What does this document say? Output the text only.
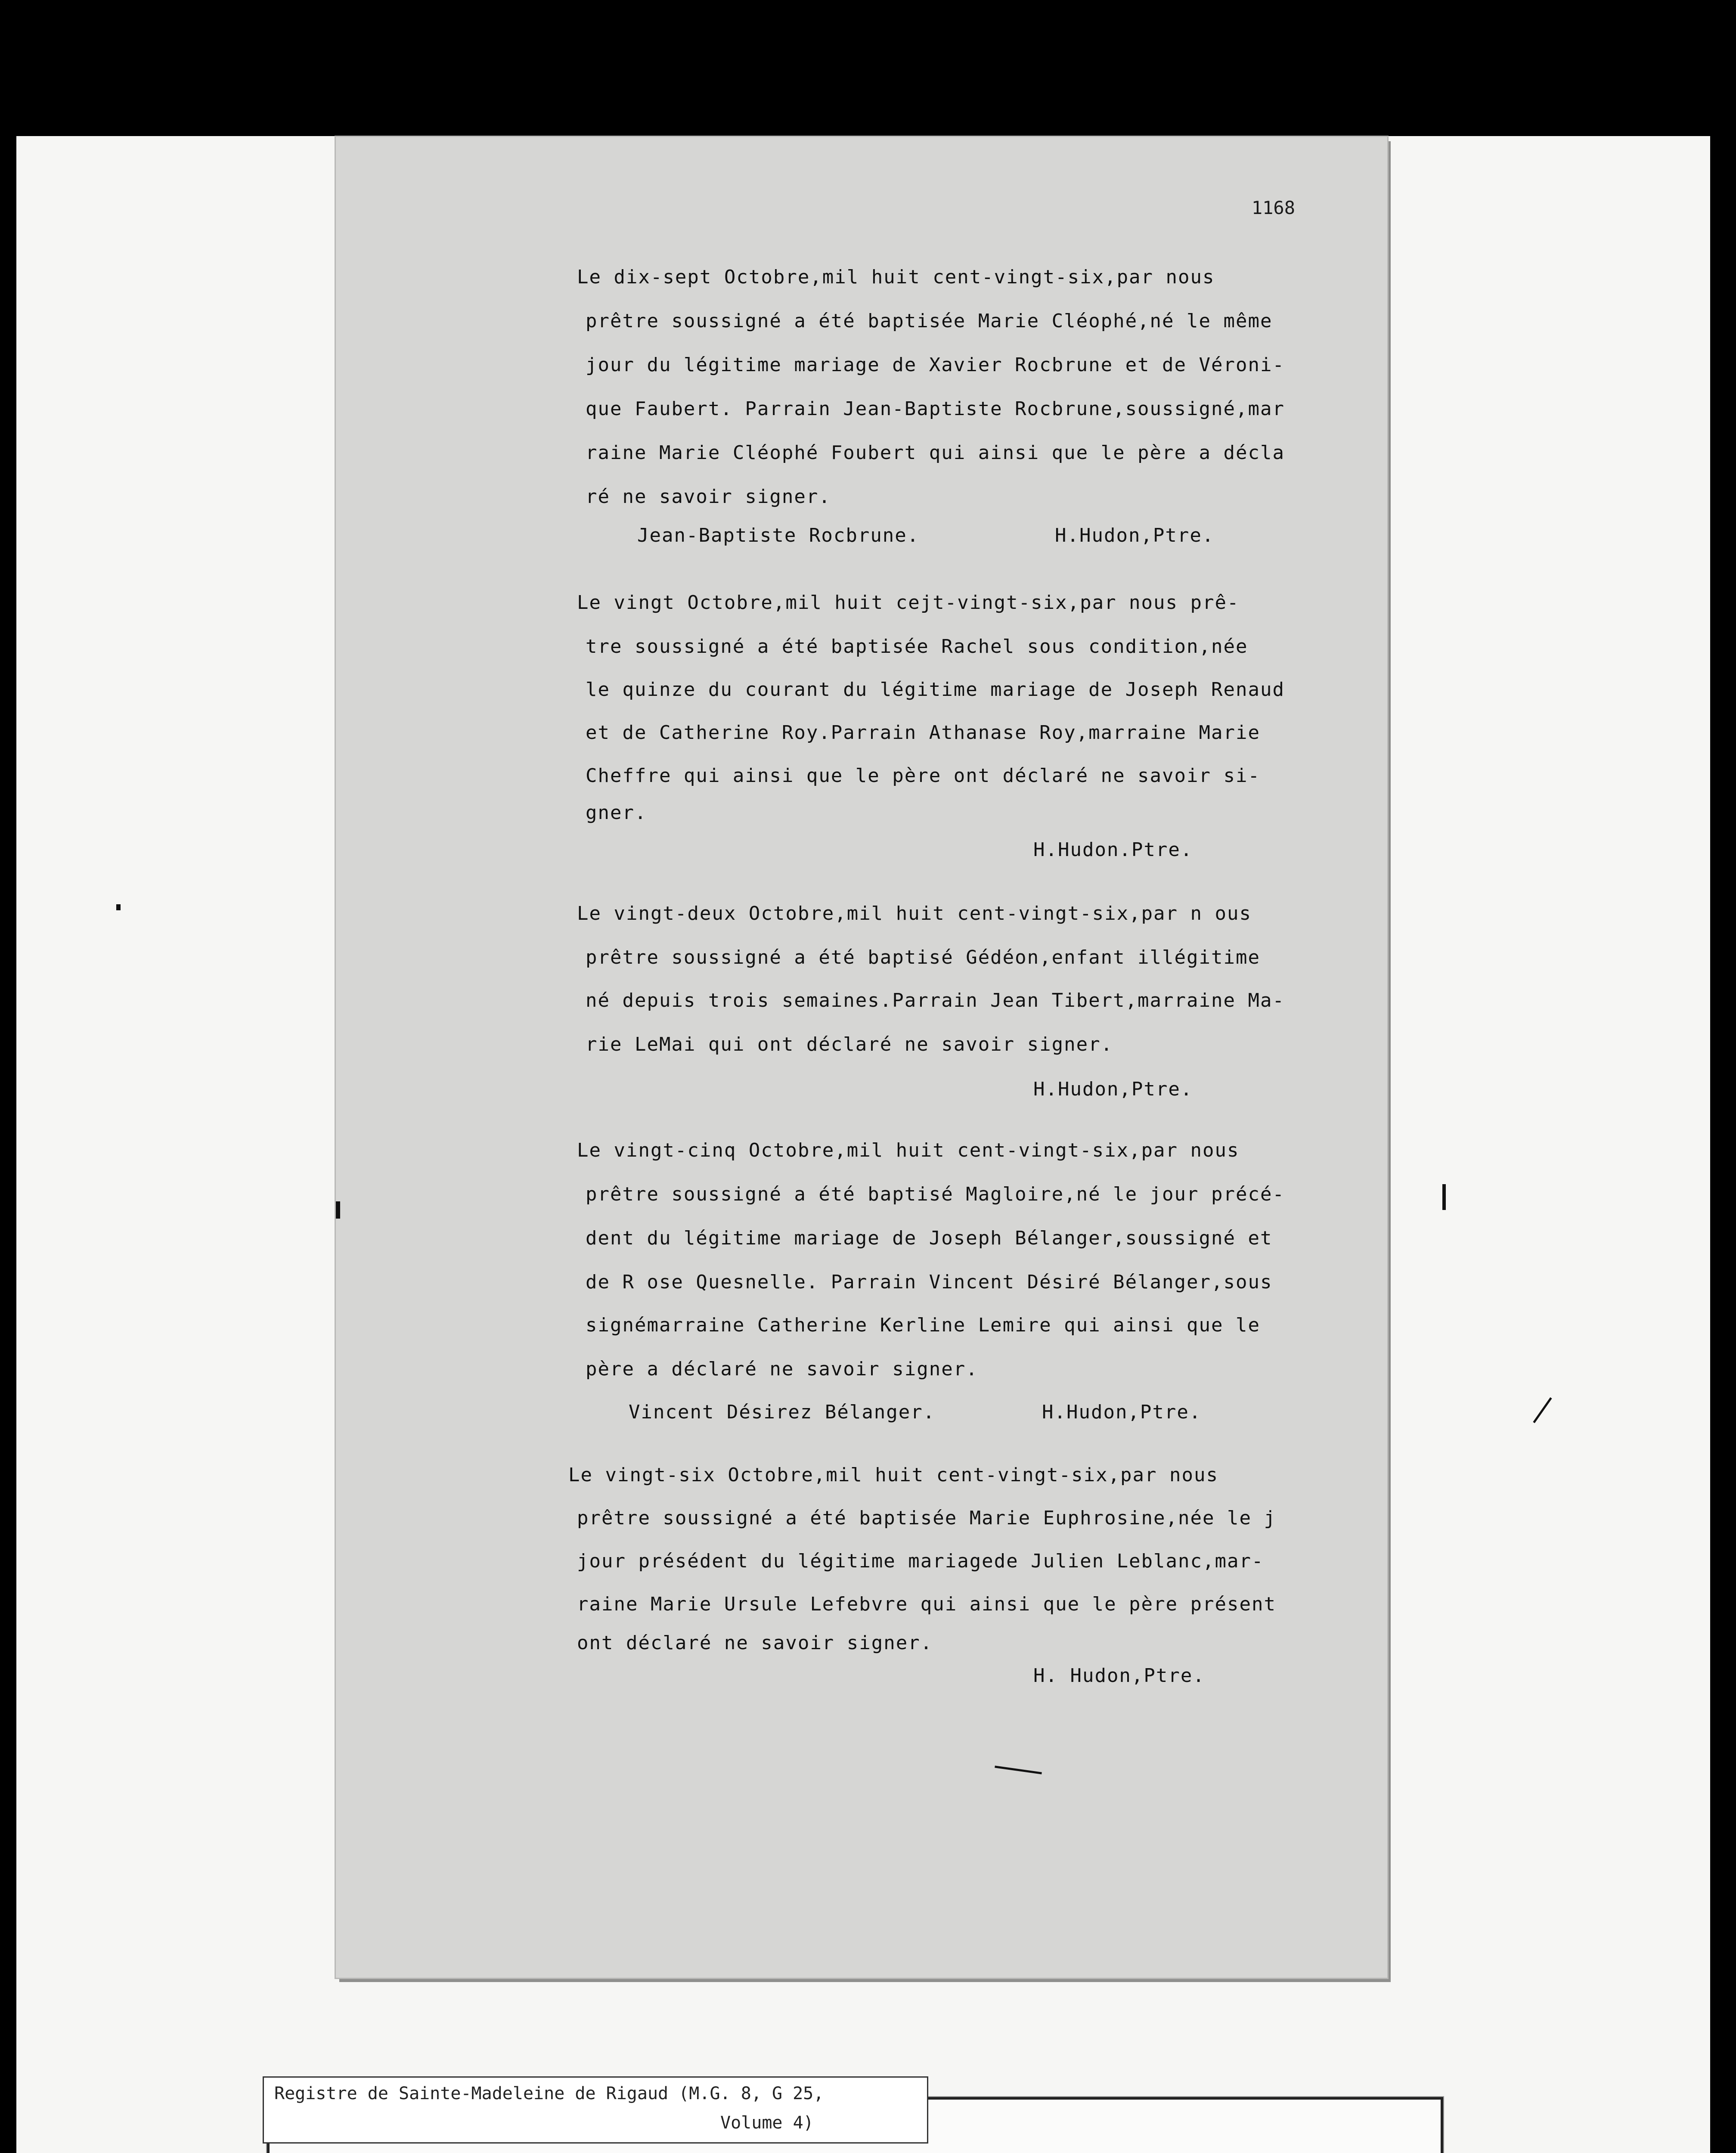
1168
Le dix-sept Octobre,mil huit cent-vingt-six,par nous
prêtre soussigné a été baptisée Marie Cléophé,né le même
jour du légitime mariage de Xavier Rocbrune et de Véroni-
que Faubert. Parrain Jean-Baptiste Rocbrune,soussigné,mar
raine Marie Cléophé Foubert qui ainsi que le père a décla
ré ne savoir signer.
Jean-Baptiste Rocbrune.	H.Hudon,Ptre.
Le vingt Octobre,mil huit cejt-vingt-six,par nous prê-
tre soussigné a été baptisée Rachel sous condition,née
le quinze du courant du légitime mariage de Joseph Renaud
et de Catherine Roy.Parrain Athanase Roy,marraine Marie
Cheffre qui ainsi que le père ont déclaré ne savoir si-
gner.
H.Hudon.Ptre.
Le vingt-deux Octobre,mil huit cent-vingt-six,par n ous
prêtre soussigné a été baptisé Gédéon,enfant illégitime
né depuis trois semaines.Parrain Jean Tibert,marraine Ma-
rie LeMai qui ont déclaré ne savoir signer.
H.Hudon,Ptre.
Le vingt-cinq Octobre,mil huit cent-vingt-six,par nous
prêtre soussigné a été baptisé Magloire,né le jour précé-
dent du légitime mariage de Joseph Bélanger,soussigné et
de R ose Quesnelle. Parrain Vincent Désiré Bélanger,sous
signémarraine Catherine Kerline Lemire qui ainsi que le
père a déclaré ne savoir signer.
Vincent Désirez Bélanger.	H.Hudon,Ptre.
Le vingt-six Octobre,mil huit cent-vingt-six,par nous
prêtre soussigné a été baptisée Marie Euphrosine,née le j
jour présédent du légitime mariagede Julien Leblanc,mar-
raine Marie Ursule Lefebvre qui ainsi que le père présent
ont déclaré ne savoir signer.
H. Hudon,Ptre.
Registre de Sainte-Madeleine de Rigaud (M.G. 8, G 25,
Volume 4)
